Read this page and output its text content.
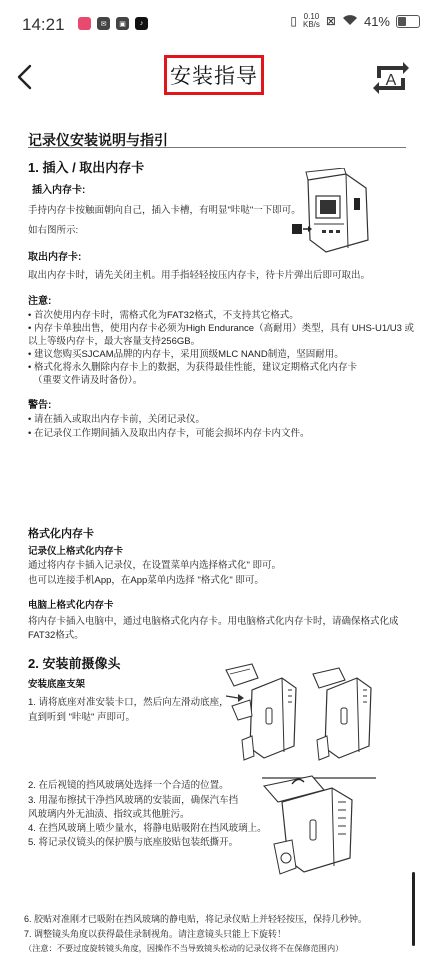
14:21	✉	▣	♪	▯ 0.10
KB/s ⊠ 41%
安装指导	A
记录仪安装说明与指引
1. 插入 / 取出内存卡
插入内存卡:
手持内存卡按触面朝向自己，插入卡槽，有明显"咔哒"一下即可。
如右图所示:
取出内存卡:
取出内存卡时，请先关闭主机。用手指轻轻按压内存卡，待卡片弹出后即可取出。
注意:
• 首次使用内存卡时，需格式化为FAT32格式，不支持其它格式。
• 内存卡单独出售，使用内存卡必须为High Endurance（高耐用）类型，具有 UHS-U1/U3 或
以上等级内存卡，最大容量支持256GB。
• 建议您购买SJCAM品牌的内存卡，采用顶级MLC NAND制造，坚固耐用。
• 格式化将永久删除内存卡上的数据，为获得最佳性能，建议定期格式化内存卡
（重要文件请及时备份）。
警告:
• 请在插入或取出内存卡前，关闭记录仪。
• 在记录仪工作期间插入及取出内存卡，可能会损坏内存卡内文件。
格式化内存卡
记录仪上格式化内存卡
通过将内存卡插入记录仪，在设置菜单内选择格式化" 即可。
也可以连接手机App，在App菜单内选择 "格式化" 即可。
电脑上格式化内存卡
将内存卡插入电脑中，通过电脑格式化内存卡。用电脑格式化内存卡时，请确保格式化成
FAT32格式。
2. 安装前摄像头
安装底座支架
1. 请将底座对准安装卡口，然后向左滑动底座，
直到听到 "咔哒" 声即可。
2. 在后视镜的挡风玻璃处选择一个合适的位置。
3. 用湿布擦拭干净挡风玻璃的安装面，确保汽车挡
风玻璃内外无油渍、指纹或其他脏污。
4. 在挡风玻璃上喷少量水，将静电贴吸附在挡风玻璃上。
5. 将记录仪镜头的保护膜与底座胶贴包装纸撕开。
6. 胶贴对准刚才已吸附在挡风玻璃的静电贴，将记录仪贴上并轻轻按压，保持几秒钟。
7. 调整镜头角度以获得最佳录制视角。请注意镜头只能上下旋转！
（注意：不要过度旋转镜头角度，因操作不当导致镜头松动的记录仪将不在保修范围内）
